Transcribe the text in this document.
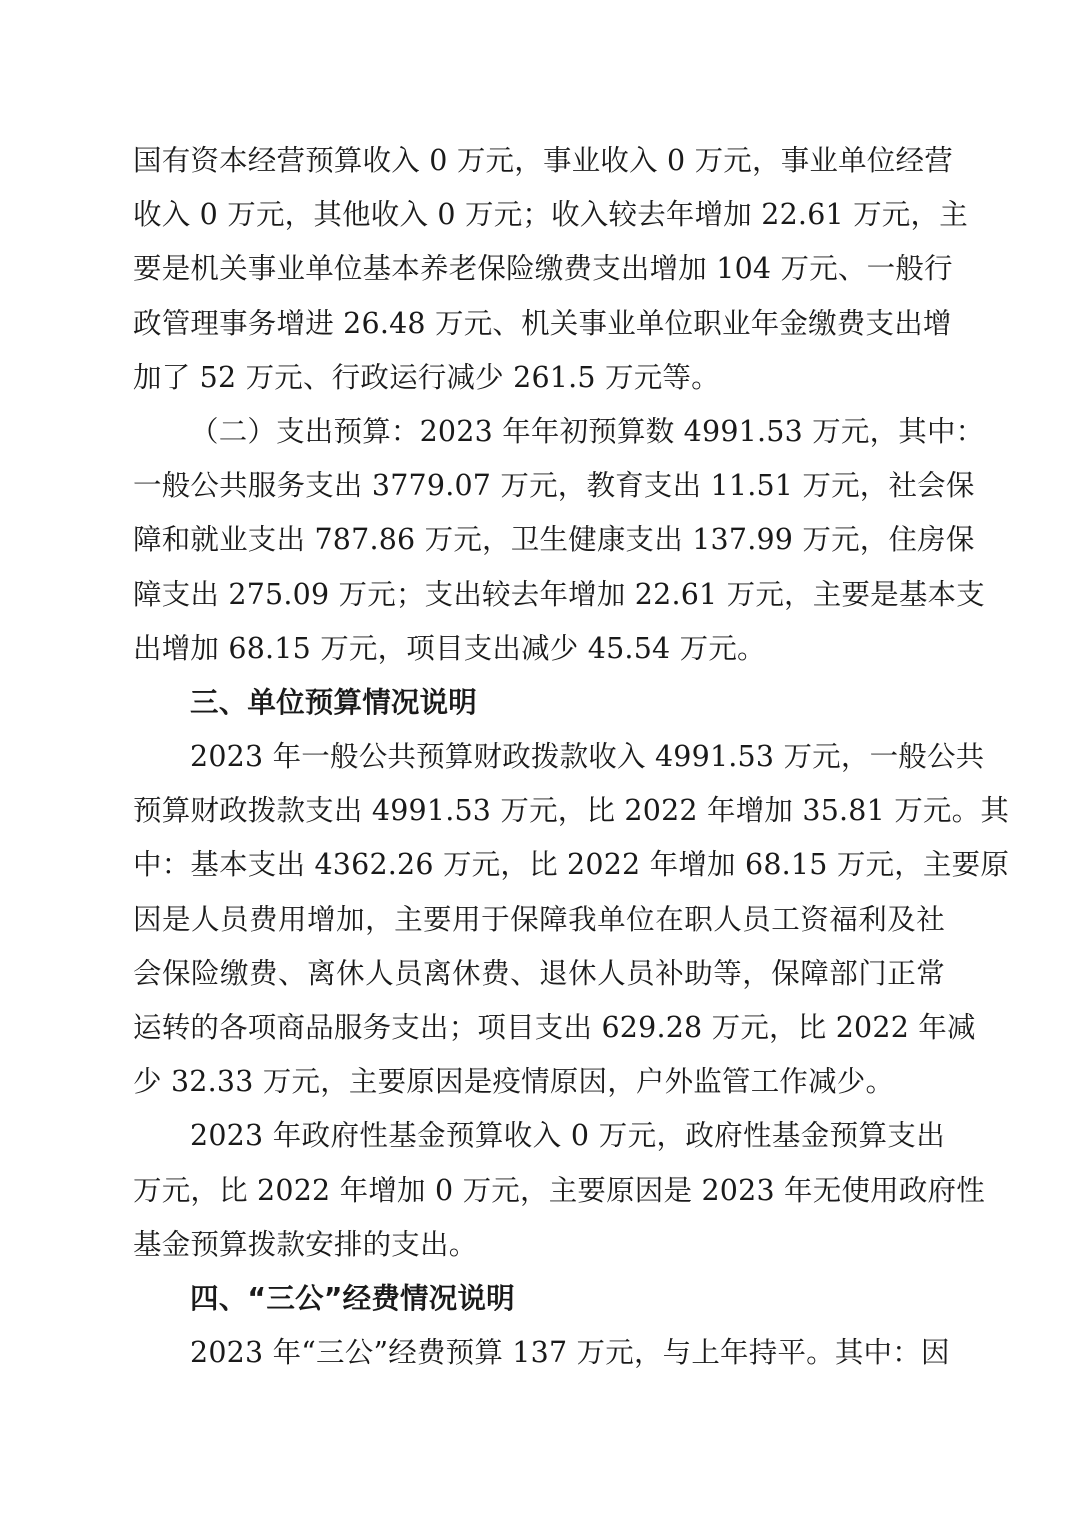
国有资本经营预算收入 0 万元，事业收入 0 万元，事业单位经营
收入 0 万元，其他收入 0 万元；收入较去年增加 22.61 万元，主
要是机关事业单位基本养老保险缴费支出增加 104 万元、一般行
政管理事务增进 26.48 万元、机关事业单位职业年金缴费支出增
加了 52 万元、行政运行减少 261.5 万元等。
（二）支出预算：2023 年年初预算数 4991.53 万元，其中：
一般公共服务支出 3779.07 万元，教育支出 11.51 万元，社会保
障和就业支出 787.86 万元，卫生健康支出 137.99 万元，住房保
障支出 275.09 万元；支出较去年增加 22.61 万元，主要是基本支
出增加 68.15 万元，项目支出减少 45.54 万元。
三、单位预算情况说明
2023 年一般公共预算财政拨款收入 4991.53 万元，一般公共
预算财政拨款支出 4991.53 万元，比 2022 年增加 35.81 万元。其
中：基本支出 4362.26 万元，比 2022 年增加 68.15 万元，主要原
因是人员费用增加，主要用于保障我单位在职人员工资福利及社
会保险缴费、离休人员离休费、退休人员补助等，保障部门正常
运转的各项商品服务支出；项目支出 629.28 万元，比 2022 年减
少 32.33 万元，主要原因是疫情原因，户外监管工作减少。
2023 年政府性基金预算收入 0 万元，政府性基金预算支出
万元，比 2022 年增加 0 万元，主要原因是 2023 年无使用政府性
基金预算拨款安排的支出。
四、“三公”经费情况说明
2023 年“三公”经费预算 137 万元，与上年持平。其中：因
